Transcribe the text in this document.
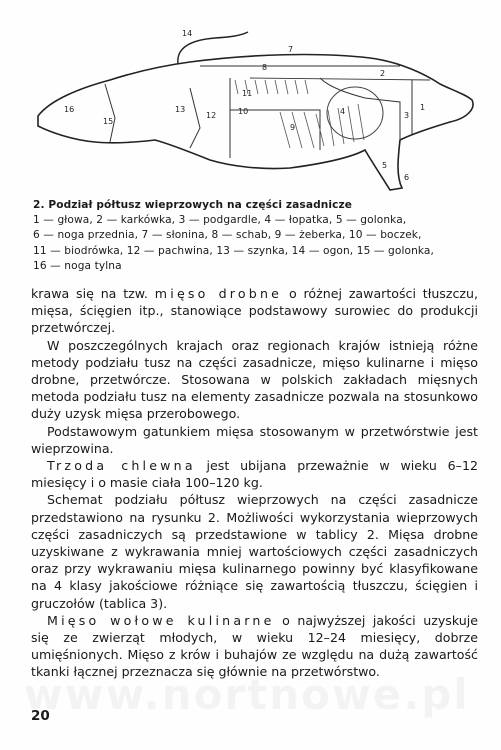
1
2
3
4
5
6
7
8
9
10
11
12
13
14
15
16
2. Podział półtusz wieprzowych na części zasadnicze
1 — głowa, 2 — karkówka, 3 — podgardle, 4 — łopatka, 5 — golonka,
6 — noga przednia, 7 — słonina, 8 — schab, 9 — żeberka, 10 — boczek,
11 — biodrówka, 12 — pachwina, 13 — szynka, 14 — ogon, 15 — golonka,
16 — noga tylna

krawa się na tzw. mięso drobne o różnej zawartości tłuszczu, mięsa, ścięgien itp., stanowiące podstawowy surowiec do produkcji przetwórczej.

W poszczególnych krajach oraz regionach krajów istnieją różne metody podziału tusz na części zasadnicze, mięso kulinarne i mięso drobne, przetwórcze. Stosowana w polskich zakładach mięsnych metoda podziału tusz na elementy zasadnicze pozwala na stosunkowo duży uzysk mięsa przerobowego.

Podstawowym gatunkiem mięsa stosowanym w przetwórstwie jest wieprzowina.

Trzoda chlewna jest ubijana przeważnie w wieku 6–12 miesięcy i o masie ciała 100–120 kg.

Schemat podziału półtusz wieprzowych na części zasadnicze przedstawiono na rysunku 2. Możliwości wykorzystania wieprzowych części zasadniczych są przedstawione w tablicy 2. Mięsa drobne uzyskiwane z wykrawania mniej wartościowych części zasadniczych oraz przy wykrawaniu mięsa kulinarnego powinny być klasyfikowane na 4 klasy jakościowe różniące się zawartością tłuszczu, ścięgien i gruczołów (tablica 3).

Mięso wołowe kulinarne o najwyższej jakości uzyskuje się ze zwierząt młodych, w wieku 12–24 miesięcy, dobrze umięśnionych. Mięso z krów i buhajów ze względu na dużą zawartość tkanki łącznej przeznacza się głównie na przetwórstwo.

20
